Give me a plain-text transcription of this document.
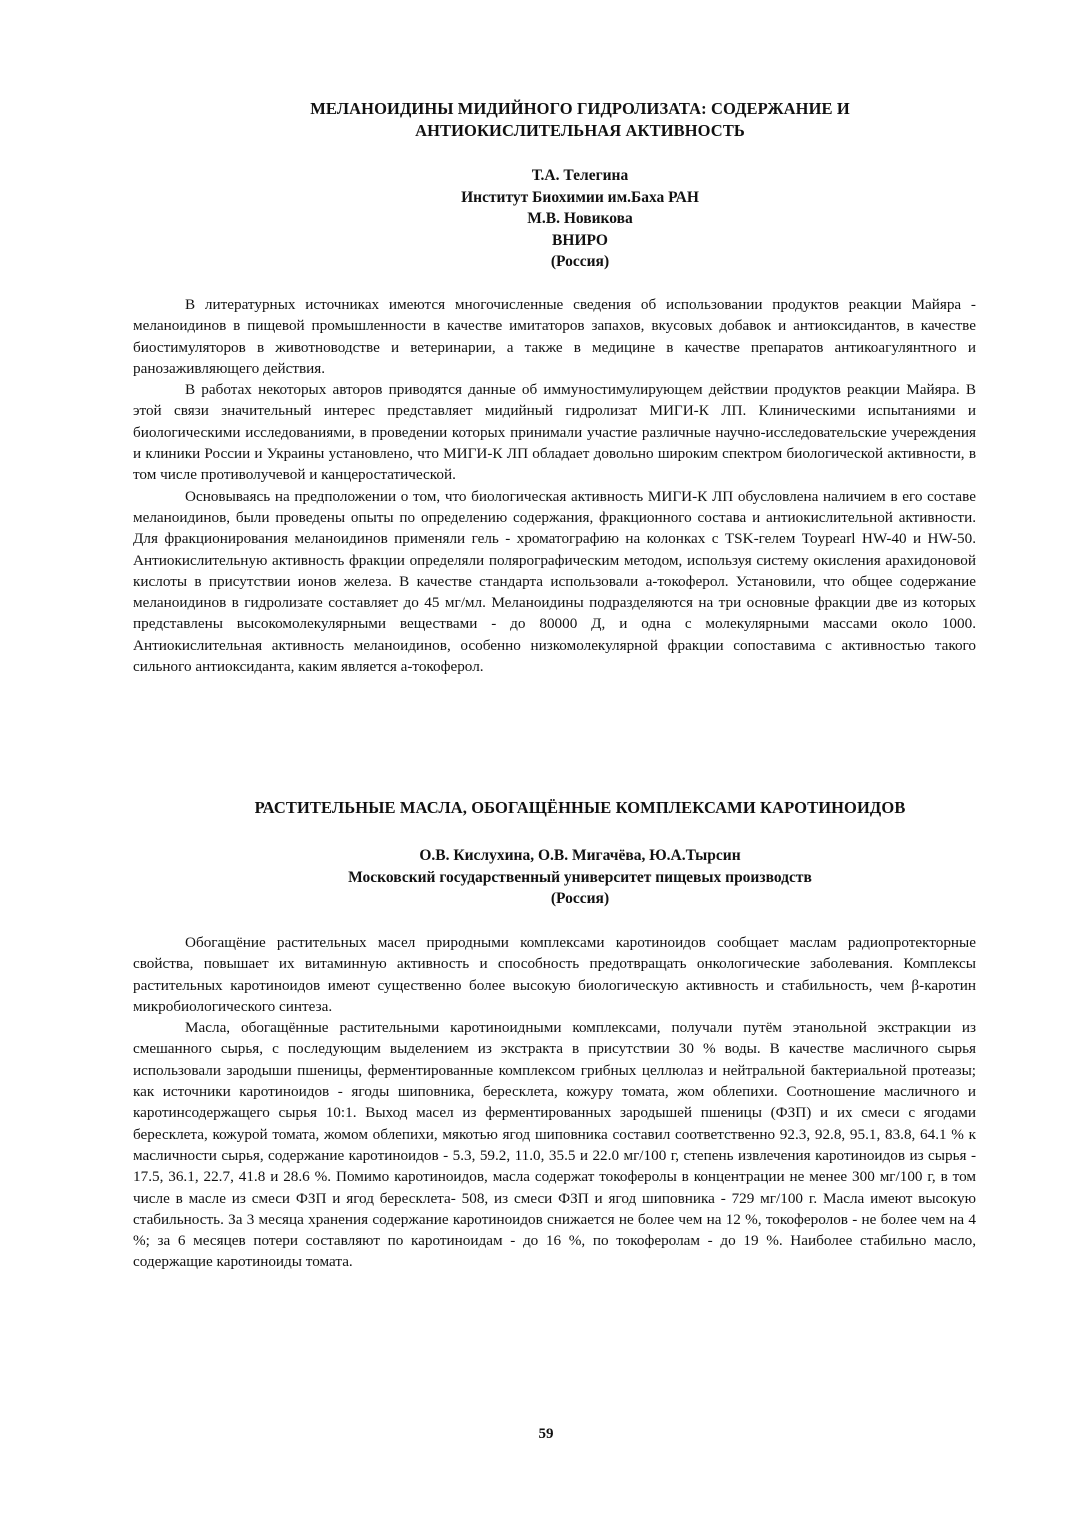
МЕЛАНОИДИНЫ МИДИЙНОГО ГИДРОЛИЗАТА: СОДЕРЖАНИЕ И
АНТИОКИСЛИТЕЛЬНАЯ АКТИВНОСТЬ
Т.А. Телегина
Институт Биохимии им.Баха РАН
М.В. Новикова
ВНИРО
(Россия)

В литературных источниках имеются многочисленные сведения об использовании продуктов реакции Майяра - меланоидинов в пищевой промышленности в качестве имитаторов запахов, вкусовых добавок и антиоксидантов, в качестве биостимуляторов в животноводстве и ветеринарии, а также в медицине в качестве препаратов антикоагулянтного и ранозаживляющего действия.

В работах некоторых авторов приводятся данные об иммуностимулирующем действии продуктов реакции Майяра. В этой связи значительный интерес представляет мидийный гидролизат МИГИ-К ЛП. Клиническими испытаниями и биологическими исследованиями, в проведении которых принимали участие различные научно-исследовательские учереждения и клиники России и Украины установлено, что МИГИ-К ЛП обладает довольно широким спектром биологической активности, в том числе противолучевой и канцеростатической.

Основываясь на предположении о том, что биологическая активность МИГИ-К ЛП обусловлена наличием в его составе меланоидинов, были проведены опыты по определению содержания, фракционного состава и антиокислительной активности. Для фракционирования меланоидинов применяли гель - хроматографию на колонках с TSK-гелем Toypearl HW-40 и HW-50. Антиокислительную активность фракции определяли полярографическим методом, используя систему окисления арахидоновой кислоты в присутствии ионов железа. В качестве стандарта использовали а-токоферол. Установили, что общее содержание меланоидинов в гидролизате составляет до 45 мг/мл. Меланоидины подразделяются на три основные фракции две из которых представлены высокомолекулярными веществами - до 80000 Д, и одна с молекулярными массами около 1000. Антиокислительная активность меланоидинов, особенно низкомолекулярной фракции сопоставима с активностью такого сильного антиоксиданта, каким является а-токоферол.

РАСТИТЕЛЬНЫЕ МАСЛА, ОБОГАЩЁННЫЕ КОМПЛЕКСАМИ КАРОТИНОИДОВ
О.В. Кислухина, О.В. Мигачёва, Ю.А.Тырсин
Московский государственный университет пищевых производств
(Россия)

Обогащёние растительных масел природными комплексами каротиноидов сообщает маслам радиопротекторные свойства, повышает их витаминную активность и способность предотвращать онкологические заболевания. Комплексы растительных каротиноидов имеют существенно более высокую биологическую активность и стабильность, чем β-каротин микробиологического синтеза.

Масла, обогащённые растительными каротиноидными комплексами, получали путём этанольной экстракции из смешанного сырья, с последующим выделением из экстракта в присутствии 30 % воды. В качестве масличного сырья использовали зародыши пшеницы, ферментированные комплексом грибных целлюлаз и нейтральной бактериальной протеазы; как источники каротиноидов - ягоды шиповника, бересклета, кожуру томата, жом облепихи. Соотношение масличного и каротинсодержащего сырья 10:1. Выход масел из ферментированных зародышей пшеницы (ФЗП) и их смеси с ягодами бересклета, кожурой томата, жомом облепихи, мякотью ягод шиповника составил соответственно 92.3, 92.8, 95.1, 83.8, 64.1 % к масличности сырья, содержание каротиноидов - 5.3, 59.2, 11.0, 35.5 и 22.0 мг/100 г, степень извлечения каротиноидов из сырья - 17.5, 36.1, 22.7, 41.8 и 28.6 %. Помимо каротиноидов, масла содержат токоферолы в концентрации не менее 300 мг/100 г, в том числе в масле из смеси ФЗП и ягод бересклета- 508, из смеси ФЗП и ягод шиповника - 729 мг/100 г. Масла имеют высокую стабильность. За 3 месяца хранения содержание каротиноидов снижается не более чем на 12 %, токоферолов - не более чем на 4 %; за 6 месяцев потери составляют по каротиноидам - до 16 %, по токоферолам - до 19 %. Наиболее стабильно масло, содержащие каротиноиды томата.

59
